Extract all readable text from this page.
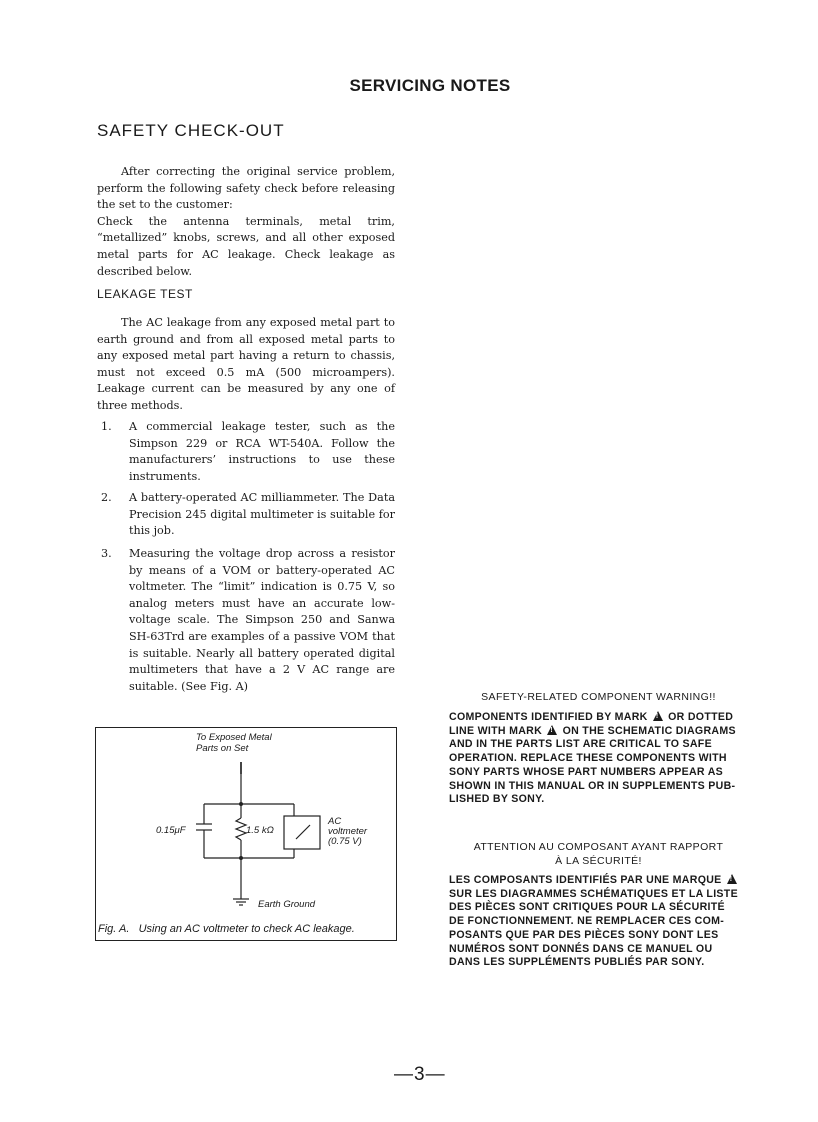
SERVICING NOTES
SAFETY CHECK-OUT

After correcting the original service problem, perform the following safety check before releasing the set to the customer:

Check the antenna terminals, metal trim, “metallized” knobs, screws, and all other exposed metal parts for AC leakage. Check leakage as described below.

LEAKAGE TEST

The AC leakage from any exposed metal part to earth ground and from all exposed metal parts to any exposed metal part having a return to chassis, must not exceed 0.5 mA (500 microampers). Leakage current can be measured by any one of three methods.

1.	A commercial leakage tester, such as the Simpson 229 or RCA WT-540A. Follow the manufacturers’ instructions to use these instruments.

2.	A battery-operated AC milliammeter. The Data Precision 245 digital multimeter is suitable for this job.

3.	Measuring the voltage drop across a resistor by means of a VOM or battery-operated AC voltmeter. The “limit” indication is 0.75 V, so analog meters must have an accurate low-voltage scale. The Simpson 250 and Sanwa SH-63Trd are examples of a passive VOM that is suitable. Nearly all battery operated digital multimeters that have a 2 V AC range are suitable. (See Fig. A)

To Exposed Metal
Parts on Set
0.15μF	1.5 kΩ
AC
voltmeter
(0.75 V)
Earth Ground
Fig. A. Using an AC voltmeter to check AC leakage.
SAFETY-RELATED COMPONENT WARNING!!
COMPONENTS IDENTIFIED BY MARK ! OR DOTTED
LINE WITH MARK ! ON THE SCHEMATIC DIAGRAMS
AND IN THE PARTS LIST ARE CRITICAL TO SAFE
OPERATION. REPLACE THESE COMPONENTS WITH
SONY PARTS WHOSE PART NUMBERS APPEAR AS
SHOWN IN THIS MANUAL OR IN SUPPLEMENTS PUB-
LISHED BY SONY.
ATTENTION AU COMPOSANT AYANT RAPPORT
À LA SÉCURITÉ!
LES COMPOSANTS IDENTIFIÉS PAR UNE MARQUE !
SUR LES DIAGRAMMES SCHÉMATIQUES ET LA LISTE
DES PIÈCES SONT CRITIQUES POUR LA SÉCURITÉ
DE FONCTIONNEMENT. NE REMPLACER CES COM-
POSANTS QUE PAR DES PIÈCES SONY DONT LES
NUMÉROS SONT DONNÉS DANS CE MANUEL OU
DANS LES SUPPLÉMENTS PUBLIÉS PAR SONY.
—3—
